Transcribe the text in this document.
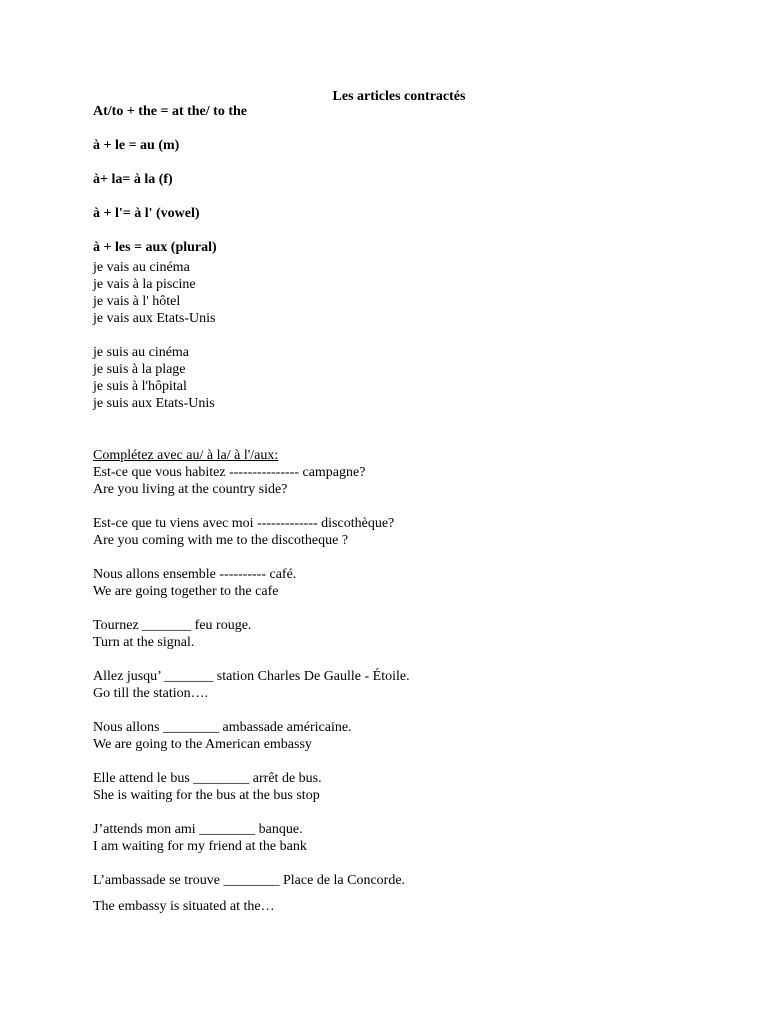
Les articles contractés

At/to + the = at the/ to the

à + le = au (m)

à+ la= à la (f)

à + l'= à l' (vowel)

à + les = aux (plural)

je vais au cinéma

je vais à la piscine

je vais à l' hôtel

je vais aux Etats-Unis

je suis au cinéma

je suis à la plage

je suis à l'hôpital

je suis aux Etats-Unis

Complétez avec au/ à la/ à l'/aux:

Est-ce que vous habitez --------------- campagne?

Are you living at the country side?

Est-ce que tu viens avec moi ------------- discothèque?

Are you coming with me to the discotheque ?

Nous allons ensemble ---------- café.

We are going together to the cafe

Tournez _______ feu rouge.

Turn at the signal.

Allez jusqu’ _______ station Charles De Gaulle - Étoile.

Go till the station….

Nous allons ________ ambassade américaine.

We are going to the American embassy

Elle attend le bus ________ arrêt de bus.

She is waiting for the bus at the bus stop

J’attends mon ami ________ banque.

I am waiting for my friend at the bank

L’ambassade se trouve ________ Place de la Concorde.

The embassy is situated at the…
